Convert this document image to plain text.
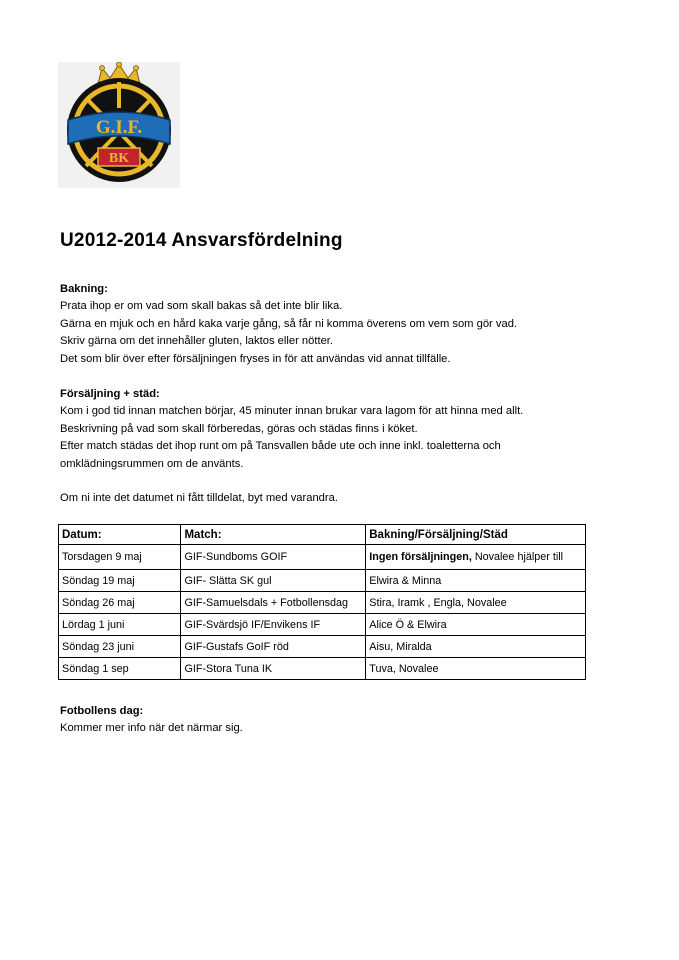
G.I.F.
BK
U2012-2014 Ansvarsfördelning
Bakning:
Prata ihop er om vad som skall bakas så det inte blir lika.
Gärna en mjuk och en hård kaka varje gång, så får ni komma överens om vem som gör vad.
Skriv gärna om det innehåller gluten, laktos eller nötter.
Det som blir över efter försäljningen fryses in för att användas vid annat tillfälle.
Försäljning + städ:
Kom i god tid innan matchen börjar, 45 minuter innan brukar vara lagom för att hinna med allt.
Beskrivning på vad som skall förberedas, göras och städas finns i köket.
Efter match städas det ihop runt om på Tansvallen både ute och inne inkl. toaletterna och
omklädningsrummen om de använts.
Om ni inte det datumet ni fått tilldelat, byt med varandra.
Datum:	Match:	Bakning/Försäljning/Städ
Torsdagen 9 maj	GIF-Sundboms GOIF	Ingen försäljningen, Novalee hjälper till
Söndag 19 maj	GIF- Slätta SK gul	Elwira & Minna
Söndag 26 maj	GIF-Samuelsdals + Fotbollensdag	Stira, Iramk , Engla, Novalee
Lördag 1 juni	GIF-Svärdsjö IF/Envikens IF	Alice Ö & Elwira
Söndag 23 juni	GIF-Gustafs GoIF röd	Aisu, Miralda
Söndag 1 sep	GIF-Stora Tuna IK	Tuva, Novalee
Fotbollens dag:
Kommer mer info när det närmar sig.
